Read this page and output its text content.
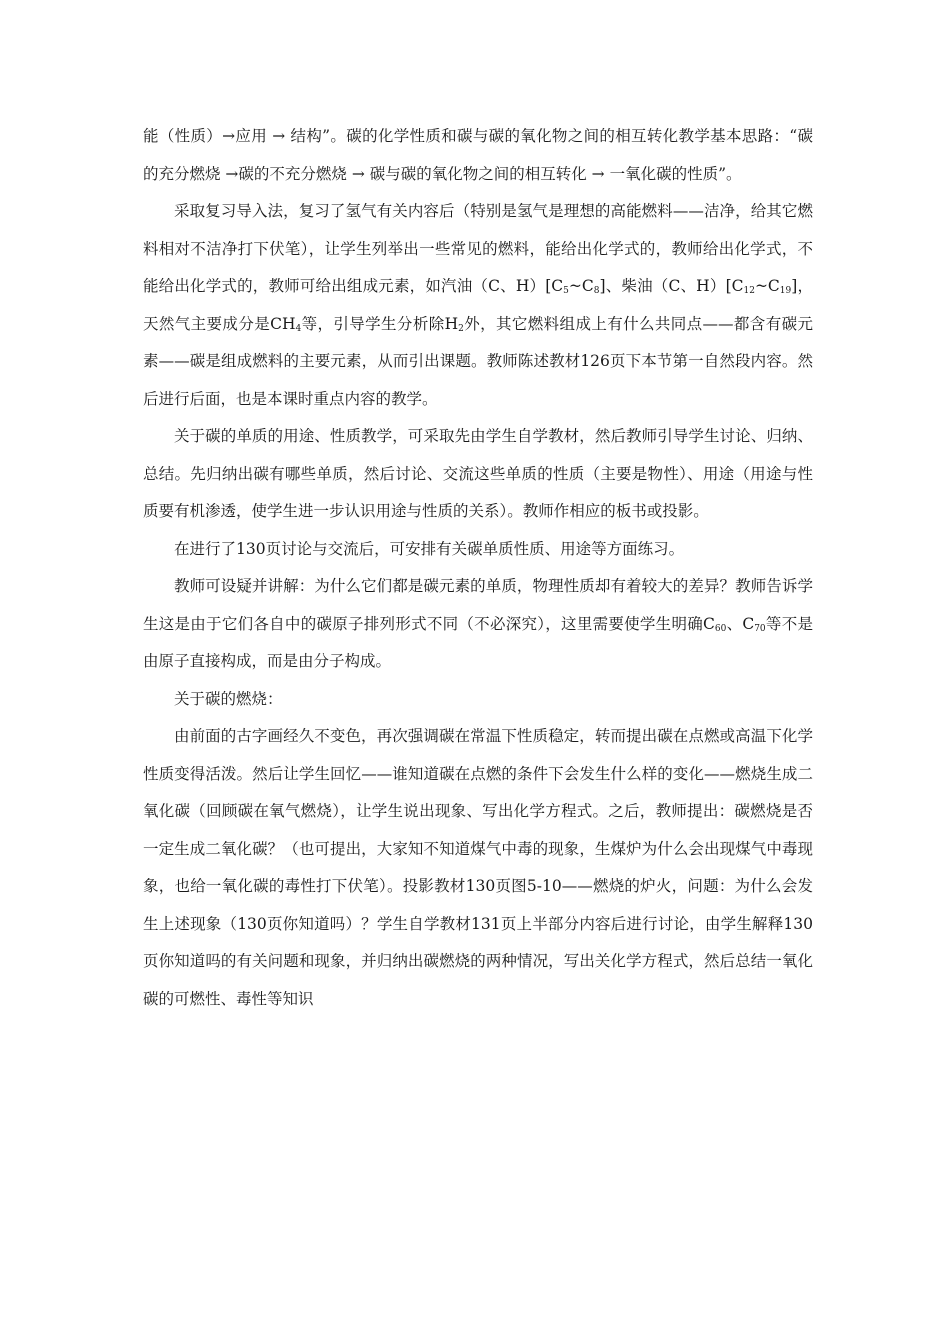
能（性质）→应用 → 结构”。碳的化学性质和碳与碳的氧化物之间的相互转化教学基本思路：“碳的充分燃烧 →碳的不充分燃烧 → 碳与碳的氧化物之间的相互转化 → 一氧化碳的性质”。

采取复习导入法，复习了氢气有关内容后（特别是氢气是理想的高能燃料——洁净，给其它燃料相对不洁净打下伏笔），让学生列举出一些常见的燃料，能给出化学式的，教师给出化学式，不能给出化学式的，教师可给出组成元素，如汽油（C、$H)[C_5\sim C_8]$、柴油（C、$H)[C_{12}\sim C_{19}]$，天然气主要成分是$CH_4$等，引导学生分析除$H_2$外，其它燃料组成上有什么共同点——都含有碳元素——碳是组成燃料的主要元素，从而引出课题。教师陈述教材126页下本节第一自然段内容。然后进行后面，也是本课时重点内容的教学。

关于碳的单质的用途、性质教学，可采取先由学生自学教材，然后教师引导学生讨论、归纳、总结。先归纳出碳有哪些单质，然后讨论、交流这些单质的性质（主要是物性）、用途（用途与性质要有机渗透，使学生进一步认识用途与性质的关系）。教师作相应的板书或投影。

在进行了130页讨论与交流后，可安排有关碳单质性质、用途等方面练习。

教师可设疑并讲解：为什么它们都是碳元素的单质，物理性质却有着较大的差异？教师告诉学生这是由于它们各自中的碳原子排列形式不同（不必深究），这里需要使学生明确$C_{60}$、$C_{70}$等不是由原子直接构成，而是由分子构成。

关于碳的燃烧：

由前面的古字画经久不变色，再次强调碳在常温下性质稳定，转而提出碳在点燃或高温下化学性质变得活泼。然后让学生回忆——谁知道碳在点燃的条件下会发生什么样的变化——燃烧生成二氧化碳（回顾碳在氧气燃烧），让学生说出现象、写出化学方程式。之后，教师提出：碳燃烧是否一定生成二氧化碳？（也可提出，大家知不知道煤气中毒的现象，生煤炉为什么会出现煤气中毒现象，也给一氧化碳的毒性打下伏笔）。投影教材130页图5-10——燃烧的炉火，问题：为什么会发生上述现象（130页你知道吗）？学生自学教材131页上半部分内容后进行讨论，由学生解释130页你知道吗的有关问题和现象，并归纳出碳燃烧的两种情况，写出关化学方程式，然后总结一氧化碳的可燃性、毒性等知识
